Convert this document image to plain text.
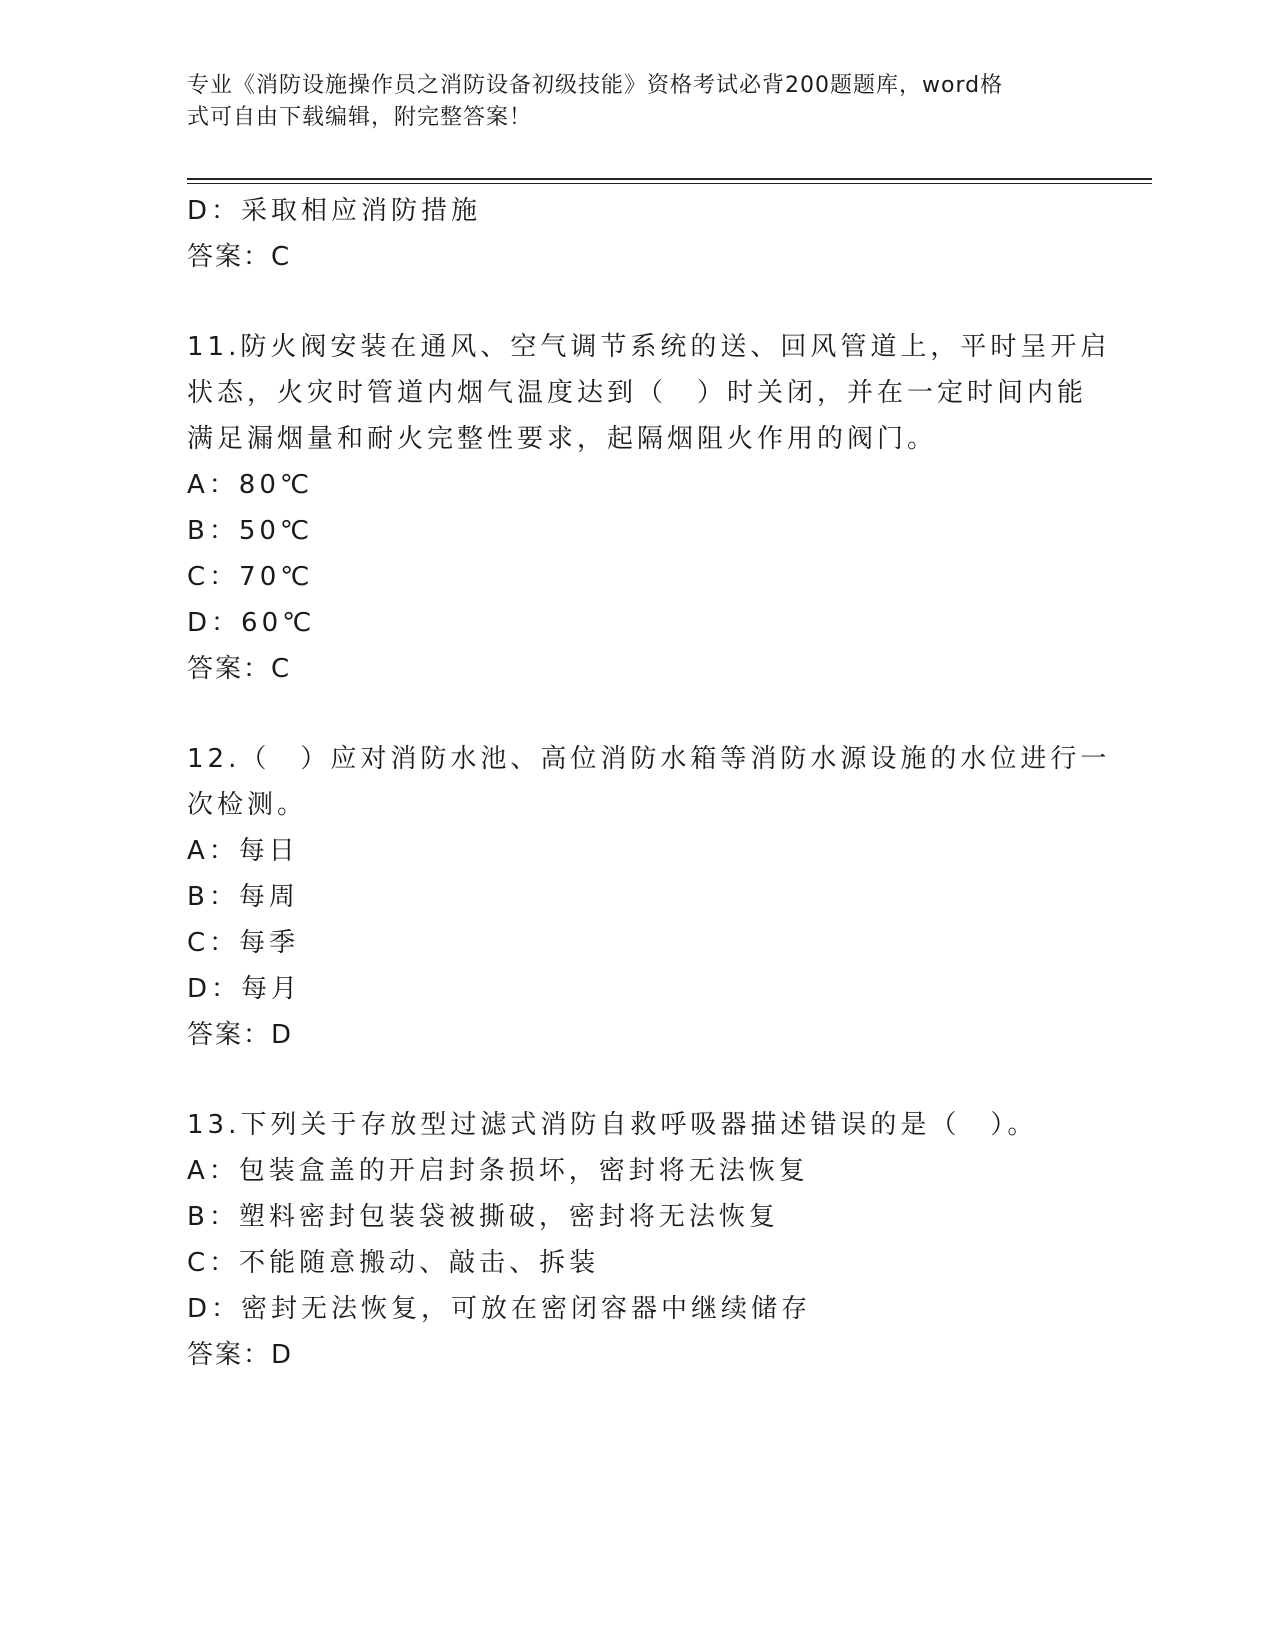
专业《消防设施操作员之消防设备初级技能》资格考试必背200题题库，word格
式可自由下载编辑，附完整答案！
D：采取相应消防措施
答案：C
11.防火阀安装在通风、空气调节系统的送、回风管道上，平时呈开启
状态，火灾时管道内烟气温度达到（　）时关闭，并在一定时间内能
满足漏烟量和耐火完整性要求，起隔烟阻火作用的阀门。
A：80℃
B：50℃
C：70℃
D：60℃
答案：C
12.（　）应对消防水池、高位消防水箱等消防水源设施的水位进行一
次检测。
A：每日
B：每周
C：每季
D：每月
答案：D
13.下列关于存放型过滤式消防自救呼吸器描述错误的是（　）。
A：包装盒盖的开启封条损坏，密封将无法恢复
B：塑料密封包装袋被撕破，密封将无法恢复
C：不能随意搬动、敲击、拆装
D：密封无法恢复，可放在密闭容器中继续储存
答案：D
